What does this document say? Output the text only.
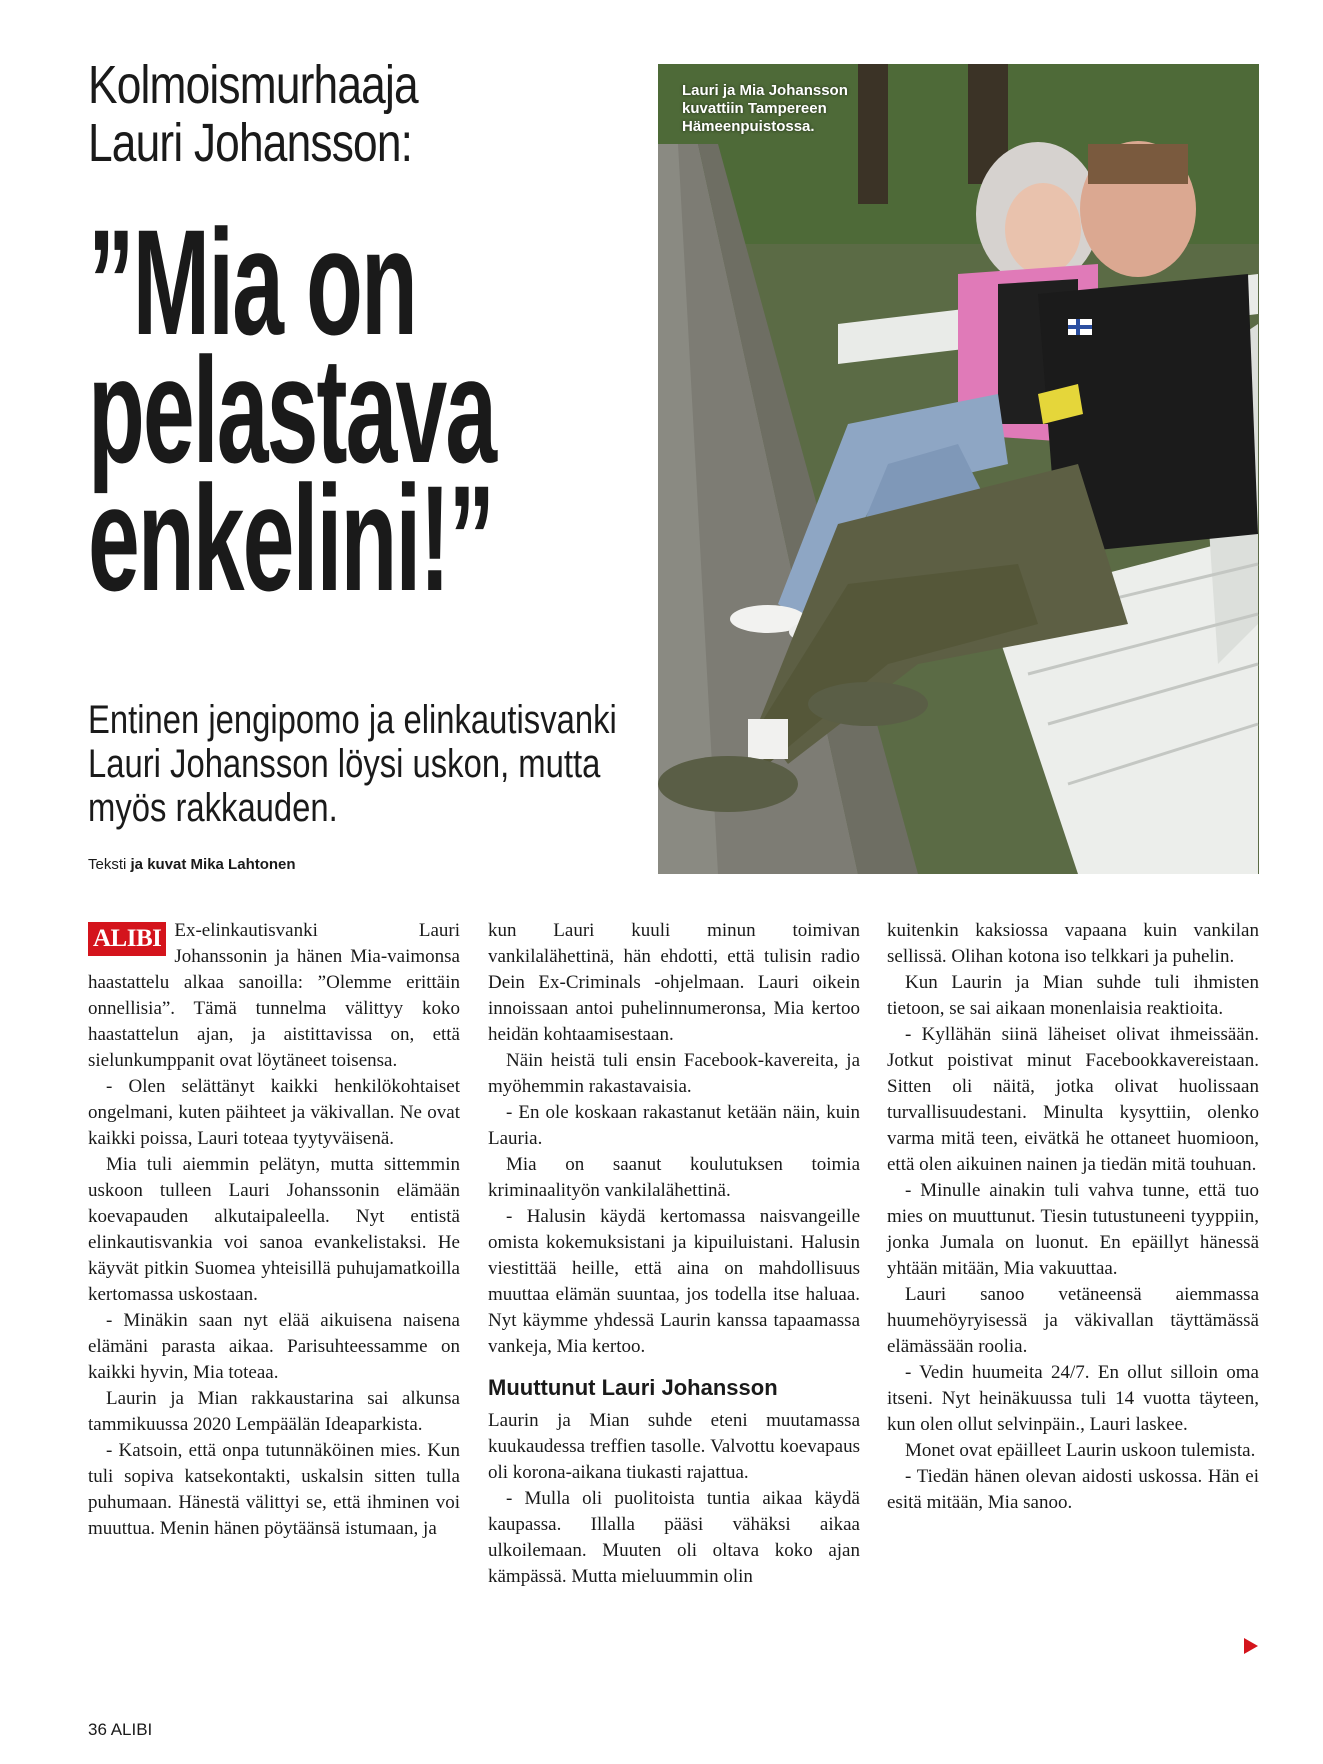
Kolmoismurhaaja
Lauri Johansson:
”Mia on
pelastava
enkelini!”
Entinen jengipomo ja elinkautisvanki
Lauri Johansson löysi uskon, mutta
myös rakkauden.
Teksti ja kuvat Mika Lahtonen
Lauri ja Mia Johansson
kuvattiin Tampereen
Hämeenpuistossa.

ALIBI Ex-elinkautisvanki Lauri Johanssonin ja hänen Mia-vaimonsa haastattelu alkaa sanoilla: ”Olemme erittäin onnellisia”. Tämä tunnelma välittyy koko haastattelun ajan, ja aistittavissa on, että sielunkumppanit ovat löytäneet toisensa.

- Olen selättänyt kaikki henkilökohtaiset ongelmani, kuten päihteet ja väkivallan. Ne ovat kaikki poissa, Lauri toteaa tyytyväisenä.

Mia tuli aiemmin pelätyn, mutta sittemmin uskoon tulleen Lauri Johanssonin elämään koevapauden alkutaipaleella. Nyt entistä elinkautisvankia voi sanoa evankelistaksi. He käyvät pitkin Suomea yhteisillä puhujamatkoilla kertomassa uskostaan.

- Minäkin saan nyt elää aikuisena naisena elämäni parasta aikaa. Parisuhteessamme on kaikki hyvin, Mia toteaa.

Laurin ja Mian rakkaustarina sai alkunsa tammikuussa 2020 Lempäälän Ideaparkista.

- Katsoin, että onpa tutunnäköinen mies. Kun tuli sopiva katsekontakti, uskalsin sitten tulla puhumaan. Hänestä välittyi se, että ihminen voi muuttua. Menin hänen pöytäänsä istumaan, ja

kun Lauri kuuli minun toimivan vankilalähettinä, hän ehdotti, että tulisin radio Dein Ex-Criminals -ohjelmaan. Lauri oikein innoissaan antoi puhelinnumeronsa, Mia kertoo heidän kohtaamisestaan.

Näin heistä tuli ensin Facebook-kavereita, ja myöhemmin rakastavaisia.

- En ole koskaan rakastanut ketään näin, kuin Lauria.

Mia on saanut koulutuksen toimia kriminaalityön vankilalähettinä.

- Halusin käydä kertomassa naisvangeille omista kokemuksistani ja kipuiluistani. Halusin viestittää heille, että aina on mahdollisuus muuttaa elämän suuntaa, jos todella itse haluaa. Nyt käymme yhdessä Laurin kanssa tapaamassa vankeja, Mia kertoo.

Muuttunut Lauri Johansson

Laurin ja Mian suhde eteni muutamassa kuukaudessa treffien tasolle. Valvottu koevapaus oli korona-aikana tiukasti rajattua.

- Mulla oli puolitoista tuntia aikaa käydä kaupassa. Illalla pääsi vähäksi aikaa ulkoilemaan. Muuten oli oltava koko ajan kämpässä. Mutta mieluummin olin

kuitenkin kaksiossa vapaana kuin vankilan sellissä. Olihan kotona iso telkkari ja puhelin.

Kun Laurin ja Mian suhde tuli ihmisten tietoon, se sai aikaan monenlaisia reaktioita.

- Kyllähän siinä läheiset olivat ihmeissään. Jotkut poistivat minut Facebookkavereistaan. Sitten oli näitä, jotka olivat huolissaan turvallisuudestani. Minulta kysyttiin, olenko varma mitä teen, eivätkä he ottaneet huomioon, että olen aikuinen nainen ja tiedän mitä touhuan.

- Minulle ainakin tuli vahva tunne, että tuo mies on muuttunut. Tiesin tutustuneeni tyyppiin, jonka Jumala on luonut. En epäillyt hänessä yhtään mitään, Mia vakuuttaa.

Lauri sanoo vetäneensä aiemmassa huumehöyryisessä ja väkivallan täyttämässä elämässään roolia.

- Vedin huumeita 24/7. En ollut silloin oma itseni. Nyt heinäkuussa tuli 14 vuotta täyteen, kun olen ollut selvinpäin., Lauri laskee.

Monet ovat epäilleet Laurin uskoon tulemista.

- Tiedän hänen olevan aidosti uskossa. Hän ei esitä mitään, Mia sanoo.

36 ALIBI
